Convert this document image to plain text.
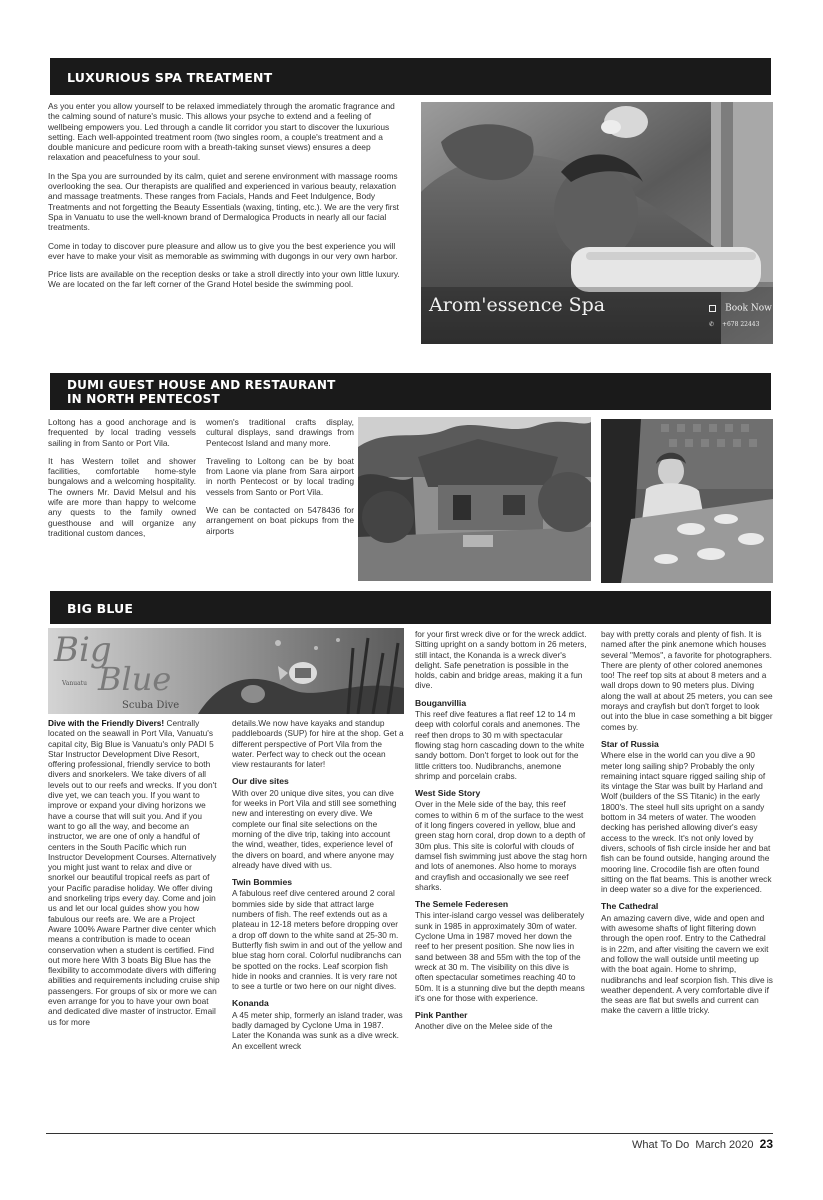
LUXURIOUS SPA TREATMENT

As you enter you allow yourself to be relaxed immediately through the aromatic fragrance and the calming sound of nature's music. This allows your psyche to extend and a feeling of wellbeing empowers you. Led through a candle lit corridor you start to discover the luxurious setting. Each well-appointed treatment room (two singles room, a couple's treatment and a double manicure and pedicure room with a breath-taking sunset views) ensures a deep relaxation and peacefulness to your soul.

In the Spa you are surrounded by its calm, quiet and serene environment with massage rooms overlooking the sea. Our therapists are qualified and experienced in various beauty, relaxation and massage treatments. These ranges from Facials, Hands and Feet Indulgence, Body Treatments and not forgetting the Beauty Essentials (waxing, tinting, etc.). We are the very first Spa in Vanuatu to use the well-known brand of Dermalogica Products in nearly all our facial treatments.

Come in today to discover pure pleasure and allow us to give you the best experience you will ever have to make your visit as memorable as swimming with dugongs in our very own harbor.

Price lists are available on the reception desks or take a stroll directly into your own little luxury. We are located on the far left corner of the Grand Hotel beside the swimming pool.

Arom'essence Spa	Book Now
✆ +678 22443
DUMI GUEST HOUSE AND RESTAURANT
IN NORTH PENTECOST

Loltong has a good anchorage and is frequented by local trading vessels sailing in from Santo or Port Vila.

It has Western toilet and shower facilities, comfortable home-style bungalows and a welcoming hospitality. The owners Mr. David Melsul and his wife are more than happy to welcome any quests to the family owned guesthouse and will organize any traditional custom dances,

women's traditional crafts display, cultural displays, sand drawings from Pentecost Island and many more.

Traveling to Loltong can be by boat from Laone via plane from Sara airport in north Pentecost or by local trading vessels from Santo or Port Vila.

We can be contacted on 5478436 for arrangement on boat pickups from the airports

BIG BLUE
Big
Blue
Vanuatu
Scuba Dive

Dive with the Friendly Divers! Centrally located on the seawall in Port Vila, Vanuatu's capital city, Big Blue is Vanuatu's only PADI 5 Star Instructor Development Dive Resort, offering professional, friendly service to both divers and snorkelers. We take divers of all levels out to our reefs and wrecks. If you don't dive yet, we can teach you. If you want to improve or expand your diving horizons we have a course that will suit you. And if you want to go all the way, and become an instructor, we are one of only a handful of centers in the South Pacific which run Instructor Development Courses. Alternatively you might just want to relax and dive or snorkel our beautiful tropical reefs as part of your Pacific paradise holiday. We offer diving and snorkeling trips every day. Come and join us and let our local guides show you how fabulous our reefs are. We are a Project Aware 100% Aware Partner dive center which means a contribution is made to ocean conservation when a student is certified. Find out more here With 3 boats Big Blue has the flexibility to accommodate divers with differing abilities and requirements including cruise ship passengers. For groups of six or more we can even arrange for you to have your own boat and dedicated dive master of instructor. Email us for more

details.We now have kayaks and standup paddleboards (SUP) for hire at the shop. Get a different perspective of Port Vila from the water. Perfect way to check out the ocean view restaurants for later!

Our dive sites

With over 20 unique dive sites, you can dive for weeks in Port Vila and still see something new and interesting on every dive. We complete our final site selections on the morning of the dive trip, taking into account the wind, weather, tides, experience level of the divers on board, and where anyone may already have dived with us.

Twin Bommies

A fabulous reef dive centered around 2 coral bommies side by side that attract large numbers of fish. The reef extends out as a plateau in 12-18 meters before dropping over a drop off down to the white sand at 25-30 m. Butterfly fish swim in and out of the yellow and blue stag horn coral. Colorful nudibranchs can be spotted on the rocks. Leaf scorpion fish hide in nooks and crannies. It is very rare not to see a turtle or two here on our night dives.

Konanda

A 45 meter ship, formerly an island trader, was badly damaged by Cyclone Uma in 1987. Later the Konanda was sunk as a dive wreck. An excellent wreck

for your first wreck dive or for the wreck addict. Sitting upright on a sandy bottom in 26 meters, still intact, the Konanda is a wreck diver's delight. Safe penetration is possible in the holds, cabin and bridge areas, making it a fun dive.

Bouganvillia

This reef dive features a flat reef 12 to 14 m deep with colorful corals and anemones. The reef then drops to 30 m with spectacular flowing stag horn cascading down to the white sandy bottom. Don't forget to look out for the little critters too. Nudibranchs, anemone shrimp and porcelain crabs.

West Side Story

Over in the Mele side of the bay, this reef comes to within 6 m of the surface to the west of it long fingers covered in yellow, blue and green stag horn coral, drop down to a depth of 30m plus. This site is colorful with clouds of damsel fish swimming just above the stag horn and lots of anemones. Also home to morays and crayfish and occasionally we see reef sharks.

The Semele Federesen

This inter-island cargo vessel was deliberately sunk in 1985 in approximately 30m of water. Cyclone Uma in 1987 moved her down the reef to her present position. She now lies in sand between 38 and 55m with the top of the wreck at 30 m. The visibility on this dive is often spectacular sometimes reaching 40 to 50m. It is a stunning dive but the depth means it's one for those with experience.

Pink Panther

Another dive on the Melee side of the

bay with pretty corals and plenty of fish. It is named after the pink anemone which houses several "Memos", a favorite for photographers. There are plenty of other colored anemones too! The reef top sits at about 8 meters and a wall drops down to 90 meters plus. Diving along the wall at about 25 meters, you can see morays and crayfish but don't forget to look out into the blue in case something a bit bigger comes by.

Star of Russia

Where else in the world can you dive a 90 meter long sailing ship? Probably the only remaining intact square rigged sailing ship of its vintage the Star was built by Harland and Wolf (builders of the SS Titanic) in the early 1800's. The steel hull sits upright on a sandy bottom in 34 meters of water. The wooden decking has perished allowing diver's easy access to the wreck. It's not only loved by divers, schools of fish circle inside her and bat fish can be found outside, hanging around the mooring line. Crocodile fish are often found sitting on the flat beams. This is another wreck in deep water so a dive for the experienced.

The Cathedral

An amazing cavern dive, wide and open and with awesome shafts of light filtering down through the open roof. Entry to the Cathedral is in 22m, and after visiting the cavern we exit and follow the wall outside until meeting up with the boat again. Home to shrimp, nudibranchs and leaf scorpion fish. This dive is weather dependent. A very comfortable dive if the seas are flat but swells and current can make the cavern a little tricky.

What To Do March 2020 23
